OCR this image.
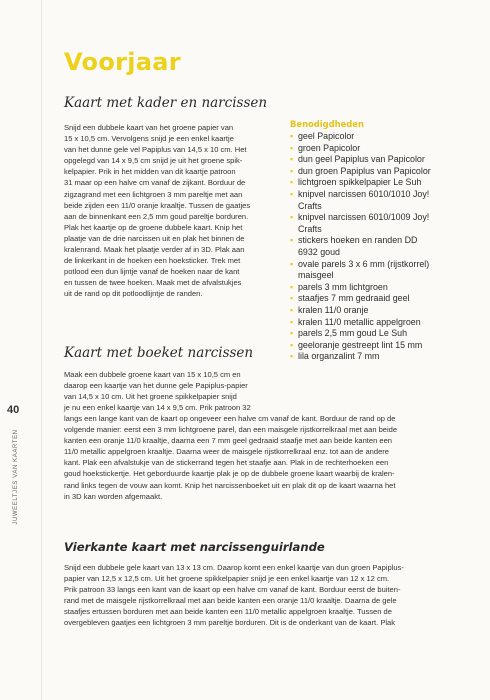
Voorjaar
Kaart met kader en narcissen
Snijd een dubbele kaart van het groene papier van
15 x 10,5 cm. Vervolgens snijd je een enkel kaartje
van het dunne gele vel Papiplus van 14,5 x 10 cm. Het
opgelegd van 14 x 9,5 cm snijd je uit het groene spik-
kelpapier. Prik in het midden van dit kaartje patroon
31 maar op een halve cm vanaf de zijkant. Borduur de
zigzagrand met een lichtgroen 3 mm pareltje met aan
beide zijden een 11/0 oranje kraaltje. Tussen de gaatjes
aan de binnenkant een 2,5 mm goud pareltje borduren.
Plak het kaartje op de groene dubbele kaart. Knip het
plaatje van de drie narcissen uit en plak het binnen de
kralenrand. Maak het plaatje verder af in 3D. Plak aan
de linkerkant in de hoeken een hoeksticker. Trek met
potlood een dun lijntje vanaf de hoeken naar de kant
en tussen de twee hoeken. Maak met de afvalstukjes
uit de rand op dit potloodlijntje de randen.
Benodigdheden
▪ geel Papicolor
▪ groen Papicolor
▪ dun geel Papiplus van Papicolor
▪ dun groen Papiplus van Papicolor
▪ lichtgroen spikkelpapier Le Suh
▪ knipvel narcissen 6010/1010 Joy!
Crafts
▪ knipvel narcissen 6010/1009 Joy!
Crafts
▪ stickers hoeken en randen DD
6932 goud
▪ ovale parels 3 x 6 mm (rijstkorrel)
maisgeel
▪ parels 3 mm lichtgroen
▪ staafjes 7 mm gedraaid geel
▪ kralen 11/0 oranje
▪ kralen 11/0 metallic appelgroen
▪ parels 2,5 mm goud Le Suh
▪ geeloranje gestreept lint 15 mm
▪ lila organzalint 7 mm
Kaart met boeket narcissen
Maak een dubbele groene kaart van 15 x 10,5 cm en
daarop een kaartje van het dunne gele Papiplus-papier
van 14,5 x 10 cm. Uit het groene spikkelpapier snijd
je nu een enkel kaartje van 14 x 9,5 cm. Prik patroon 32
langs een lange kant van de kaart op ongeveer een halve cm vanaf de kant. Borduur de rand op de
volgende manier: eerst een 3 mm lichtgroene parel, dan een maisgele rijstkorrelkraal met aan beide
kanten een oranje 11/0 kraaltje, daarna een 7 mm geel gedraaid staafje met aan beide kanten een
11/0 metallic appelgroen kraaltje. Daarna weer de maisgele rijstkorrelkraal enz. tot aan de andere
kant. Plak een afvalstukje van de stickerrand tegen het staafje aan. Plak in de rechterhoeken een
goud hoekstickertje. Het geborduurde kaartje plak je op de dubbele groene kaart waarbij de kralen-
rand links tegen de vouw aan komt. Knip het narcissenboeket uit en plak dit op de kaart waarna het
in 3D kan worden afgemaakt.
Vierkante kaart met narcissenguirlande
Snijd een dubbele gele kaart van 13 x 13 cm. Daarop komt een enkel kaartje van dun groen Papiplus-
papier van 12,5 x 12,5 cm. Uit het groene spikkelpapier snijd je een enkel kaartje van 12 x 12 cm.
Prik patroon 33 langs een kant van de kaart op een halve cm vanaf de kant. Borduur eerst de buiten-
rand met de maisgele rijstkorrelkraal met aan beide kanten een oranje 11/0 kraaltje. Daarna de gele
staafjes ertussen borduren met aan beide kanten een 11/0 metallic appelgroen kraaltje. Tussen de
overgebleven gaatjes een lichtgroen 3 mm pareltje borduren. Dit is de onderkant van de kaart. Plak
40
JUWEELTJES VAN KAARTEN
